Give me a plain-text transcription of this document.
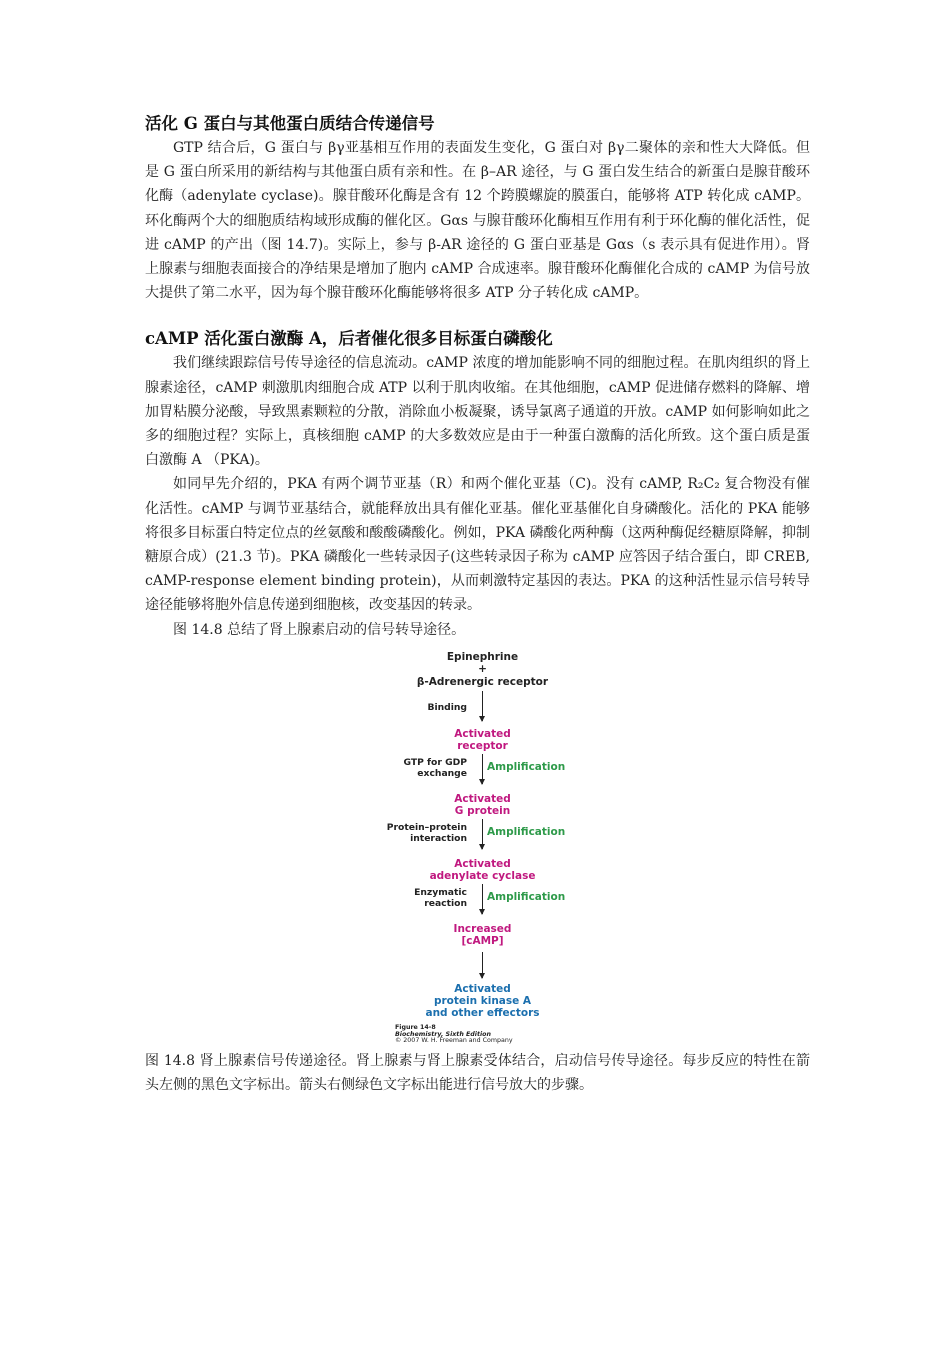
活化 G 蛋白与其他蛋白质结合传递信号

GTP 结合后，G 蛋白与 βγ亚基相互作用的表面发生变化，G 蛋白对 βγ二聚体的亲和性大大降低。但是 G 蛋白所采用的新结构与其他蛋白质有亲和性。在 β–AR 途径，与 G 蛋白发生结合的新蛋白是腺苷酸环化酶（adenylate cyclase)。腺苷酸环化酶是含有 12 个跨膜螺旋的膜蛋白，能够将 ATP 转化成 cAMP。环化酶两个大的细胞质结构域形成酶的催化区。Gαs 与腺苷酸环化酶相互作用有利于环化酶的催化活性，促进 cAMP 的产出（图 14.7)。实际上，参与 β-AR 途径的 G 蛋白亚基是 Gαs（s 表示具有促进作用）。肾上腺素与细胞表面接合的净结果是增加了胞内 cAMP 合成速率。腺苷酸环化酶催化合成的 cAMP 为信号放大提供了第二水平，因为每个腺苷酸环化酶能够将很多 ATP 分子转化成 cAMP。

cAMP 活化蛋白激酶 A，后者催化很多目标蛋白磷酸化

我们继续跟踪信号传导途径的信息流动。cAMP 浓度的增加能影响不同的细胞过程。在肌肉组织的肾上腺素途径，cAMP 刺激肌肉细胞合成 ATP 以利于肌肉收缩。在其他细胞，cAMP 促进储存燃料的降解、增加胃粘膜分泌酸，导致黑素颗粒的分散，消除血小板凝聚，诱导氯离子通道的开放。cAMP 如何影响如此之多的细胞过程？实际上，真核细胞 cAMP 的大多数效应是由于一种蛋白激酶的活化所致。这个蛋白质是蛋白激酶 A （PKA)。

如同早先介绍的，PKA 有两个调节亚基（R）和两个催化亚基（C)。没有 cAMP, R₂C₂ 复合物没有催化活性。cAMP 与调节亚基结合，就能释放出具有催化亚基。催化亚基催化自身磷酸化。活化的 PKA 能够将很多目标蛋白特定位点的丝氨酸和酸酸磷酸化。例如，PKA 磷酸化两种酶（这两种酶促经糖原降解，抑制糖原合成）(21.3 节)。PKA 磷酸化一些转录因子(这些转录因子称为 cAMP 应答因子结合蛋白，即 CREB, cAMP-response element binding protein)，从而刺激特定基因的表达。PKA 的这种活性显示信号转导途径能够将胞外信息传递到细胞核，改变基因的转录。

图 14.8 总结了肾上腺素启动的信号转导途径。

Epinephrine
+
β-Adrenergic receptor
Binding
Activated
receptor
GTP for GDP
exchange
Amplification
Activated
G protein
Protein–protein
interaction
Amplification
Activated
adenylate cyclase
Enzymatic
reaction
Amplification
Increased
[cAMP]
Activated
protein kinase A
and other effectors
Figure 14-8
Biochemistry, Sixth Edition
© 2007 W. H. Freeman and Company

图 14.8 肾上腺素信号传递途径。肾上腺素与肾上腺素受体结合，启动信号传导途径。每步反应的特性在箭头左侧的黑色文字标出。箭头右侧绿色文字标出能进行信号放大的步骤。
